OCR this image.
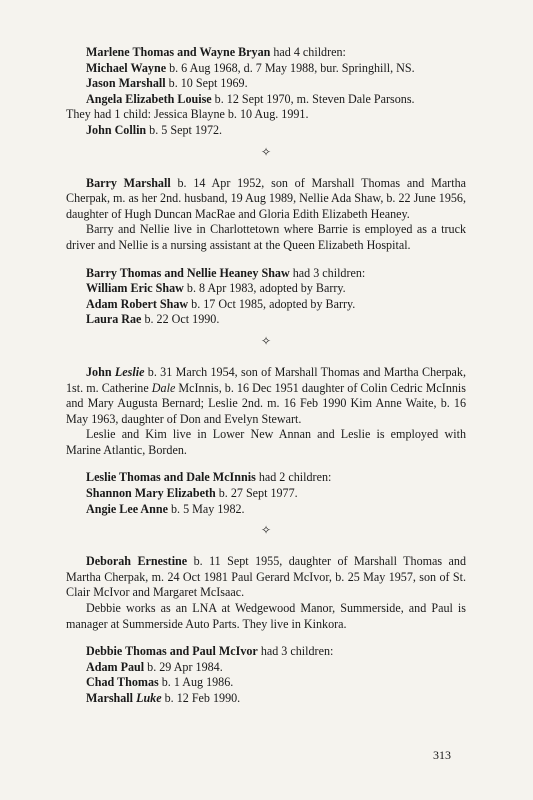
Marlene Thomas and Wayne Bryan had 4 children:

Michael Wayne b. 6 Aug 1968, d. 7 May 1988, bur. Springhill, NS.

Jason Marshall b. 10 Sept 1969.

Angela Elizabeth Louise b. 12 Sept 1970, m. Steven Dale Parsons.

They had 1 child: Jessica Blayne b. 10 Aug. 1991.

John Collin b. 5 Sept 1972.

✧

Barry Marshall b. 14 Apr 1952, son of Marshall Thomas and Martha Cherpak, m. as her 2nd. husband, 19 Aug 1989, Nellie Ada Shaw, b. 22 June 1956, daughter of Hugh Duncan MacRae and Gloria Edith Elizabeth Heaney.

Barry and Nellie live in Charlottetown where Barrie is employed as a truck driver and Nellie is a nursing assistant at the Queen Elizabeth Hospital.

Barry Thomas and Nellie Heaney Shaw had 3 children:

William Eric Shaw b. 8 Apr 1983, adopted by Barry.

Adam Robert Shaw b. 17 Oct 1985, adopted by Barry.

Laura Rae b. 22 Oct 1990.

✧

John Leslie b. 31 March 1954, son of Marshall Thomas and Martha Cherpak, 1st. m. Catherine Dale McInnis, b. 16 Dec 1951 daughter of Colin Cedric McInnis and Mary Augusta Bernard; Leslie 2nd. m. 16 Feb 1990 Kim Anne Waite, b. 16 May 1963, daughter of Don and Evelyn Stewart.

Leslie and Kim live in Lower New Annan and Leslie is employed with Marine Atlantic, Borden.

Leslie Thomas and Dale McInnis had 2 children:

Shannon Mary Elizabeth b. 27 Sept 1977.

Angie Lee Anne b. 5 May 1982.

✧

Deborah Ernestine b. 11 Sept 1955, daughter of Marshall Thomas and Martha Cherpak, m. 24 Oct 1981 Paul Gerard McIvor, b. 25 May 1957, son of St. Clair McIvor and Margaret McIsaac.

Debbie works as an LNA at Wedgewood Manor, Summerside, and Paul is manager at Summerside Auto Parts. They live in Kinkora.

Debbie Thomas and Paul McIvor had 3 children:

Adam Paul b. 29 Apr 1984.

Chad Thomas b. 1 Aug 1986.

Marshall Luke b. 12 Feb 1990.

313
